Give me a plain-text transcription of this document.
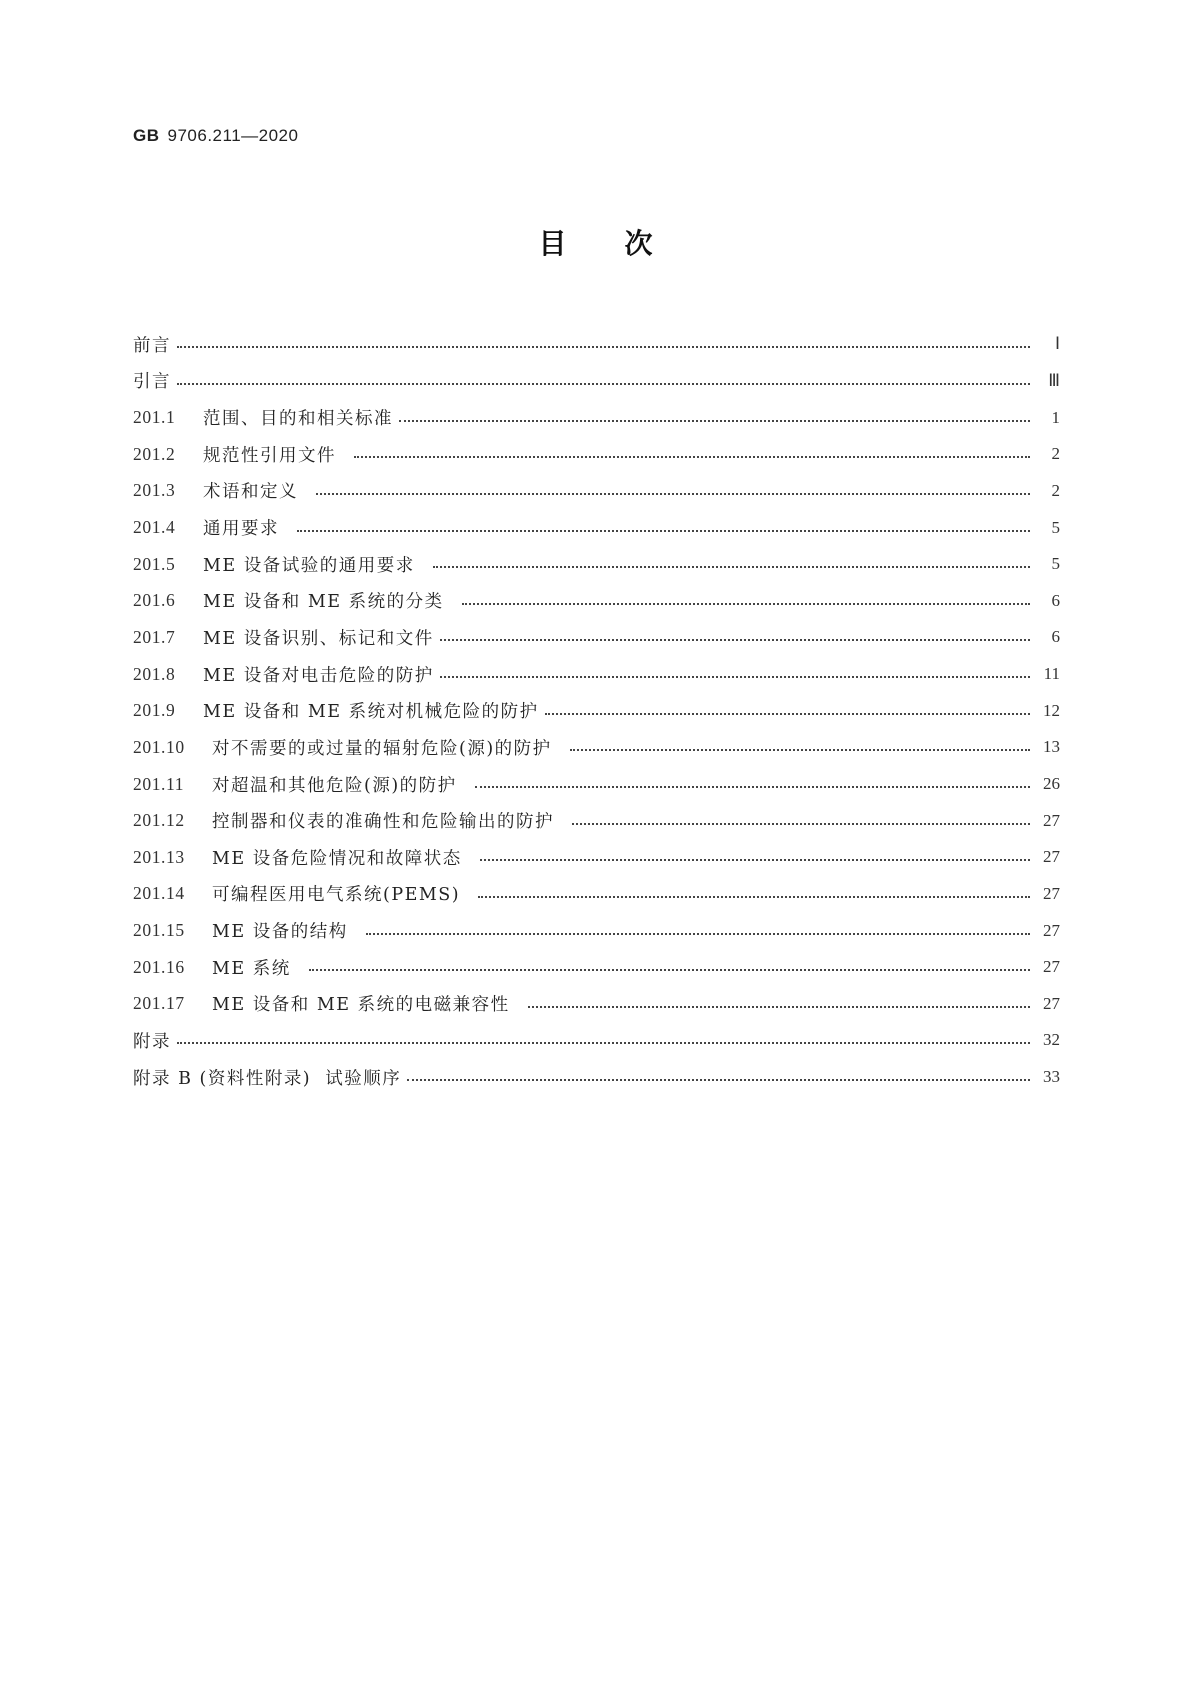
GB 9706.211—2020
目 次
前言	Ⅰ
引言	Ⅲ
201.1	范围、目的和相关标准	1
201.2	规范性引用文件	2
201.3	术语和定义	2
201.4	通用要求	5
201.5	ME 设备试验的通用要求	5
201.6	ME 设备和 ME 系统的分类	6
201.7	ME 设备识别、标记和文件	6
201.8	ME 设备对电击危险的防护	11
201.9	ME 设备和 ME 系统对机械危险的防护	12
201.10	对不需要的或过量的辐射危险(源)的防护	13
201.11	对超温和其他危险(源)的防护	26
201.12	控制器和仪表的准确性和危险输出的防护	27
201.13	ME 设备危险情况和故障状态	27
201.14	可编程医用电气系统(PEMS)	27
201.15	ME 设备的结构	27
201.16	ME 系统	27
201.17	ME 设备和 ME 系统的电磁兼容性	27
附录	32
附录 B (资料性附录)  试验顺序	33
